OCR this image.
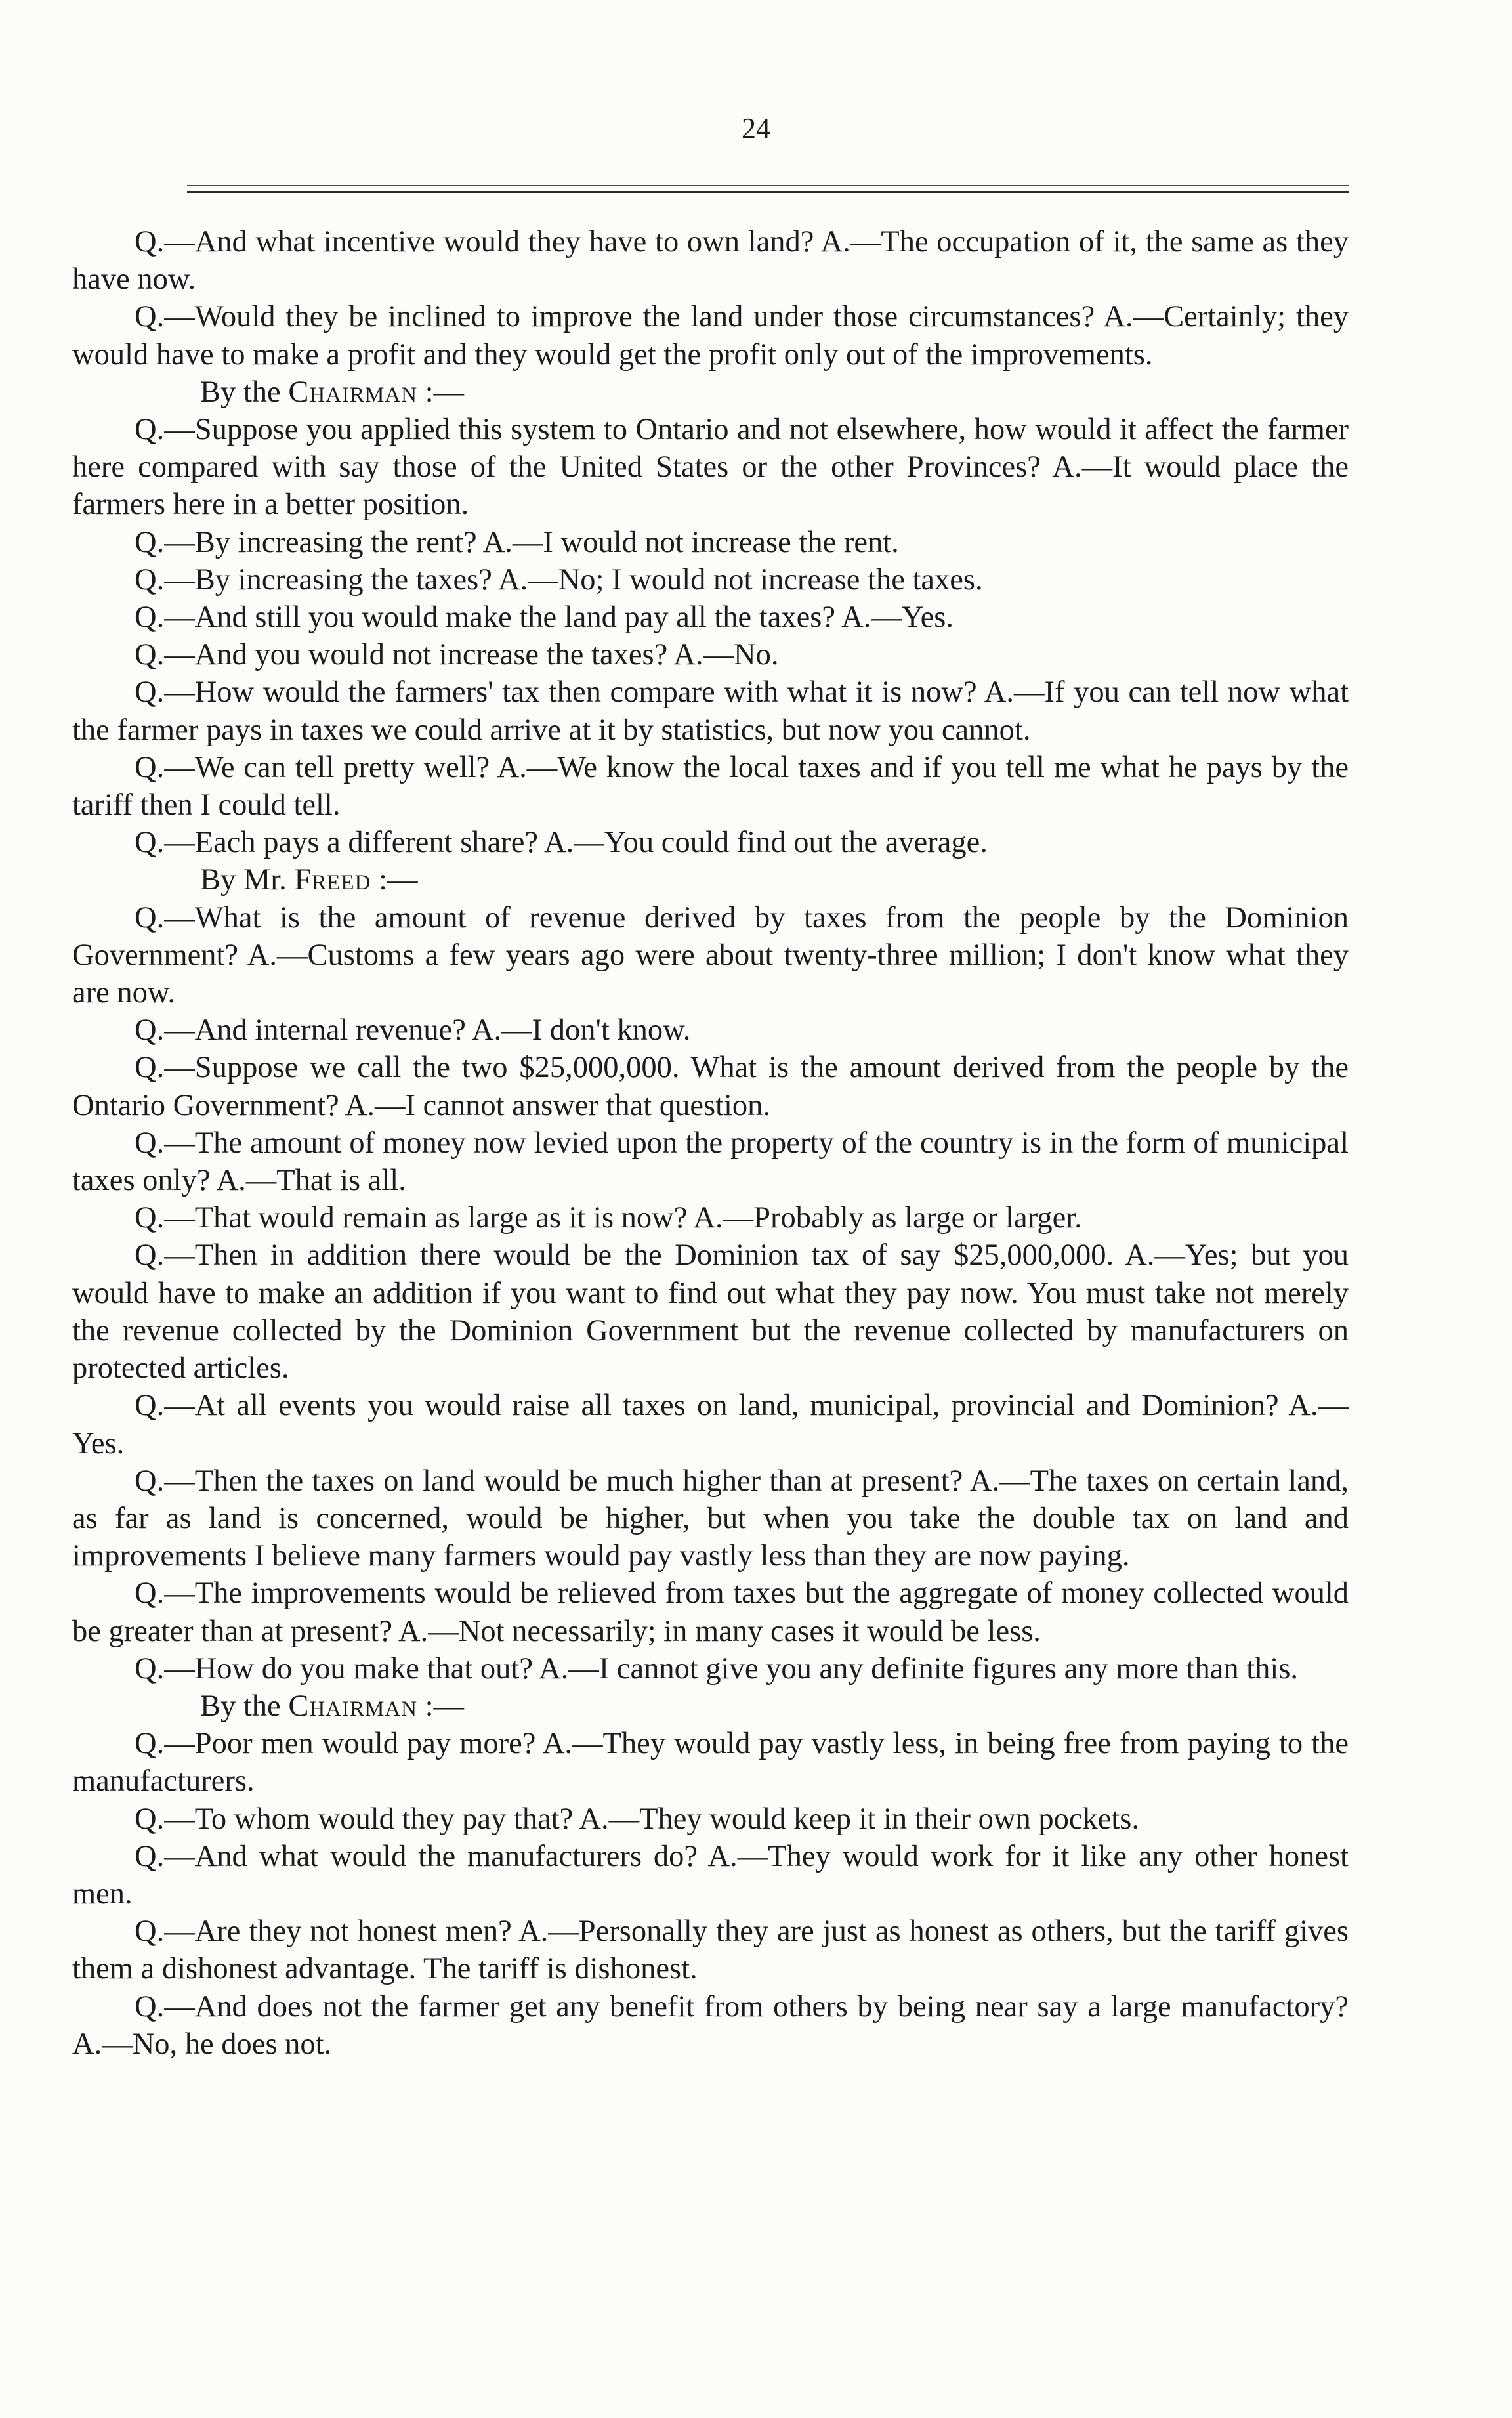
24

Q.—And what incentive would they have to own land? A.—The occupation of it, the same as they have now.

Q.—Would they be inclined to improve the land under those circumstances? A.—Certainly; they would have to make a profit and they would get the profit only out of the improvements.

By the Chairman :—

Q.—Suppose you applied this system to Ontario and not elsewhere, how would it affect the farmer here compared with say those of the United States or the other Provinces? A.—It would place the farmers here in a better position.

Q.—By increasing the rent? A.—I would not increase the rent.

Q.—By increasing the taxes? A.—No; I would not increase the taxes.

Q.—And still you would make the land pay all the taxes? A.—Yes.

Q.—And you would not increase the taxes? A.—No.

Q.—How would the farmers' tax then compare with what it is now? A.—If you can tell now what the farmer pays in taxes we could arrive at it by statistics, but now you cannot.

Q.—We can tell pretty well? A.—We know the local taxes and if you tell me what he pays by the tariff then I could tell.

Q.—Each pays a different share? A.—You could find out the average.

By Mr. Freed :—

Q.—What is the amount of revenue derived by taxes from the people by the Dominion Government? A.—Customs a few years ago were about twenty-three million; I don't know what they are now.

Q.—And internal revenue? A.—I don't know.

Q.—Suppose we call the two $25,000,000. What is the amount derived from the people by the Ontario Government? A.—I cannot answer that question.

Q.—The amount of money now levied upon the property of the country is in the form of municipal taxes only? A.—That is all.

Q.—That would remain as large as it is now? A.—Probably as large or larger.

Q.—Then in addition there would be the Dominion tax of say $25,000,000. A.—Yes; but you would have to make an addition if you want to find out what they pay now. You must take not merely the revenue collected by the Dominion Government but the revenue collected by manufacturers on protected articles.

Q.—At all events you would raise all taxes on land, municipal, provincial and Dominion? A.—Yes.

Q.—Then the taxes on land would be much higher than at present? A.—The taxes on certain land, as far as land is concerned, would be higher, but when you take the double tax on land and improvements I believe many farmers would pay vastly less than they are now paying.

Q.—The improvements would be relieved from taxes but the aggregate of money collected would be greater than at present? A.—Not necessarily; in many cases it would be less.

Q.—How do you make that out? A.—I cannot give you any definite figures any more than this.

By the Chairman :—

Q.—Poor men would pay more? A.—They would pay vastly less, in being free from paying to the manufacturers.

Q.—To whom would they pay that? A.—They would keep it in their own pockets.

Q.—And what would the manufacturers do? A.—They would work for it like any other honest men.

Q.—Are they not honest men? A.—Personally they are just as honest as others, but the tariff gives them a dishonest advantage. The tariff is dishonest.

Q.—And does not the farmer get any benefit from others by being near say a large manufactory? A.—No, he does not.
